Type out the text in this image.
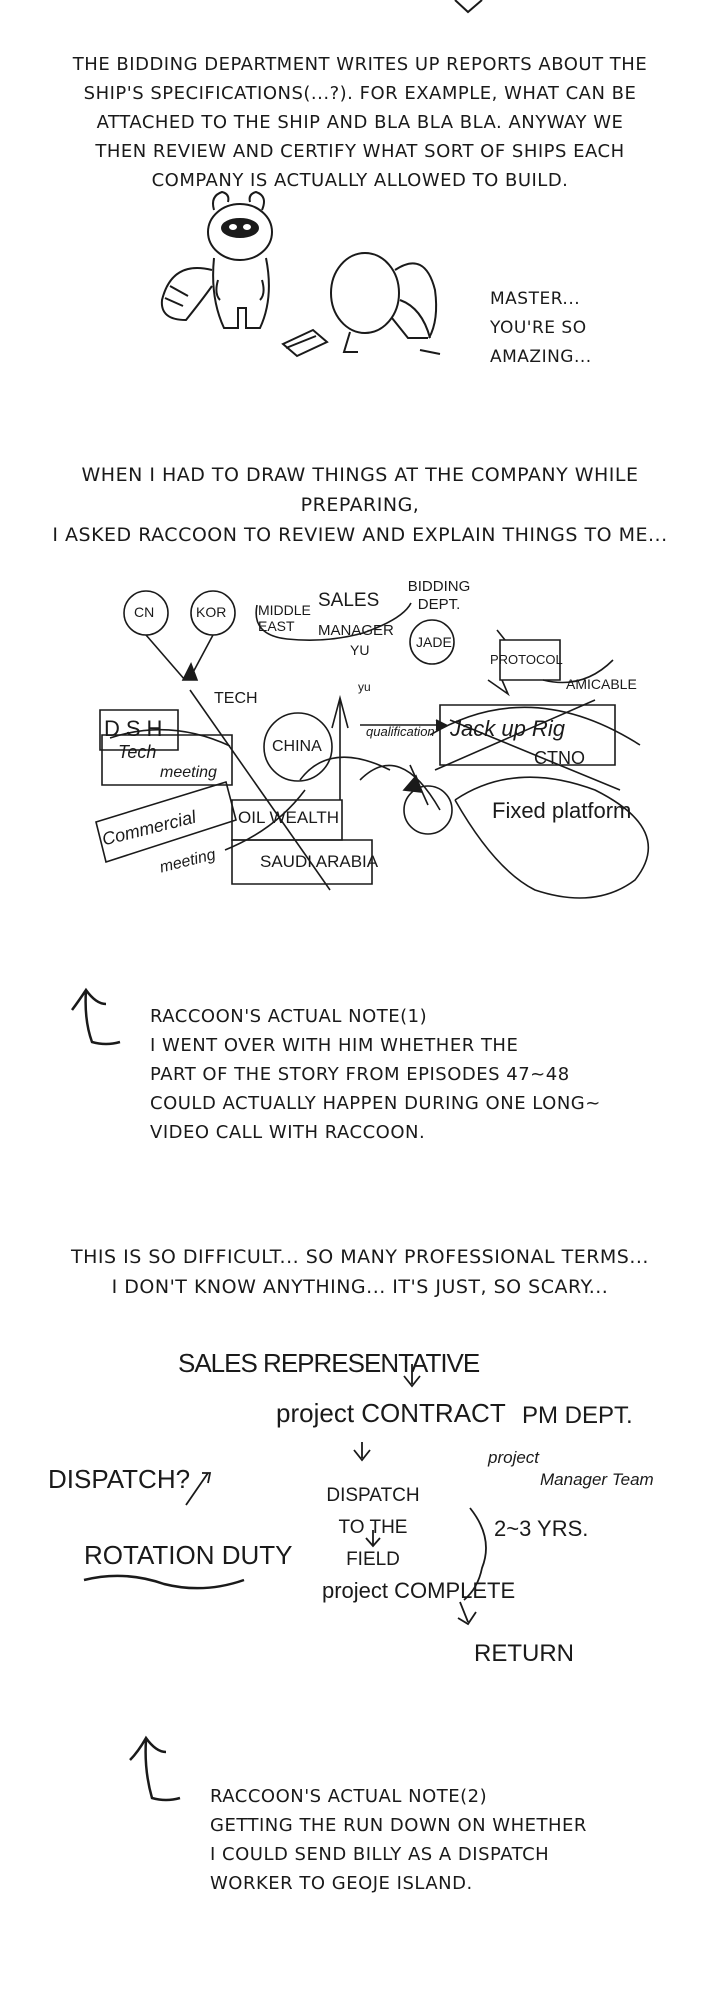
THE BIDDING DEPARTMENT WRITES UP REPORTS ABOUT THE
SHIP'S SPECIFICATIONS(...?). FOR EXAMPLE, WHAT CAN BE
ATTACHED TO THE SHIP AND BLA BLA BLA. ANYWAY WE
THEN REVIEW AND CERTIFY WHAT SORT OF SHIPS EACH
COMPANY IS ACTUALLY ALLOWED TO BUILD.
MASTER...
YOU'RE SO
AMAZING...
WHEN I HAD TO DRAW THINGS AT THE COMPANY WHILE PREPARING,
I ASKED RACCOON TO REVIEW AND EXPLAIN THINGS TO ME...
CN	KOR MIDDLE EAST
SALES
BIDDING DEPT.
MANAGER
YU	JADE
PROTOCOL
AMICABLE
TECH
yu
DSH
Tech
meeting
CHINA
qualification Jack up Rig
CTNO
Fixed platform
OIL WEALTH
SAUDI ARABIA
Commercial
meeting
RACCOON'S ACTUAL NOTE(1)
I WENT OVER WITH HIM WHETHER THE
PART OF THE STORY FROM EPISODES 47~48
COULD ACTUALLY HAPPEN DURING ONE LONG~
VIDEO CALL WITH RACCOON.
THIS IS SO DIFFICULT... SO MANY PROFESSIONAL TERMS...
I DON'T KNOW ANYTHING... IT'S JUST, SO SCARY...
SALES REPRESENTATIVE
project CONTRACT PM DEPT.
project
Manager Team
DISPATCH?
DISPATCH
TO THE FIELD
2~3 YRS.
ROTATION DUTY
project COMPLETE
RETURN
RACCOON'S ACTUAL NOTE(2)
GETTING THE RUN DOWN ON WHETHER
I COULD SEND BILLY AS A DISPATCH
WORKER TO GEOJE ISLAND.
